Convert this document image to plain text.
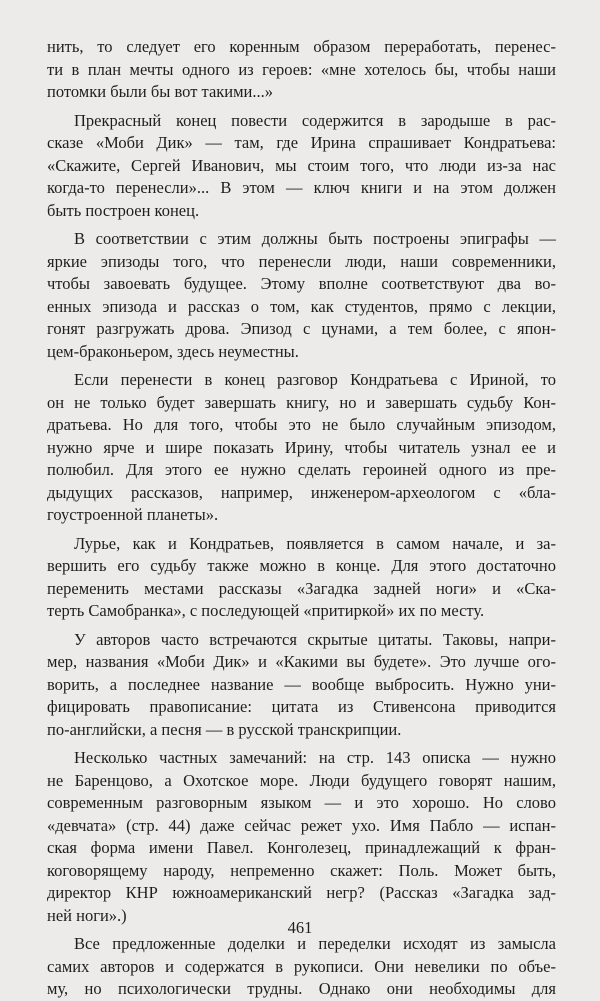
нить, то следует его коренным образом переработать, перенес-
ти в план мечты одного из героев: «мне хотелось бы, чтобы наши
потомки были бы вот такими...»
Прекрасный конец повести содержится в зародыше в рас-
сказе «Моби Дик» — там, где Ирина спрашивает Кондратьева:
«Скажите, Сергей Иванович, мы стоим того, что люди из-за нас
когда-то перенесли»... В этом — ключ книги и на этом должен
быть построен конец.
В соответствии с этим должны быть построены эпиграфы —
яркие эпизоды того, что перенесли люди, наши современники,
чтобы завоевать будущее. Этому вполне соответствуют два во-
енных эпизода и рассказ о том, как студентов, прямо с лекции,
гонят разгружать дрова. Эпизод с цунами, а тем более, с япон-
цем-браконьером, здесь неуместны.
Если перенести в конец разговор Кондратьева с Ириной, то
он не только будет завершать книгу, но и завершать судьбу Кон-
дратьева. Но для того, чтобы это не было случайным эпизодом,
нужно ярче и шире показать Ирину, чтобы читатель узнал ее и
полюбил. Для этого ее нужно сделать героиней одного из пре-
дыдущих рассказов, например, инженером-археологом с «бла-
гоустроенной планеты».
Лурье, как и Кондратьев, появляется в самом начале, и за-
вершить его судьбу также можно в конце. Для этого достаточно
переменить местами рассказы «Загадка задней ноги» и «Ска-
терть Самобранка», с последующей «притиркой» их по месту.
У авторов часто встречаются скрытые цитаты. Таковы, напри-
мер, названия «Моби Дик» и «Какими вы будете». Это лучше ого-
ворить, а последнее название — вообще выбросить. Нужно уни-
фицировать правописание: цитата из Стивенсона приводится
по-английски, а песня — в русской транскрипции.
Несколько частных замечаний: на стр. 143 описка — нужно
не Баренцово, а Охотское море. Люди будущего говорят нашим,
современным разговорным языком — и это хорошо. Но слово
«девчата» (стр. 44) даже сейчас режет ухо. Имя Пабло — испан-
ская форма имени Павел. Конголезец, принадлежащий к фран-
коговорящему народу, непременно скажет: Поль. Может быть,
директор КНР южноамериканский негр? (Рассказ «Загадка зад-
ней ноги».)
Все предложенные доделки и переделки исходят из замысла
самих авторов и содержатся в рукописи. Они невелики по объе-
му, но психологически трудны. Однако они необходимы для
461
